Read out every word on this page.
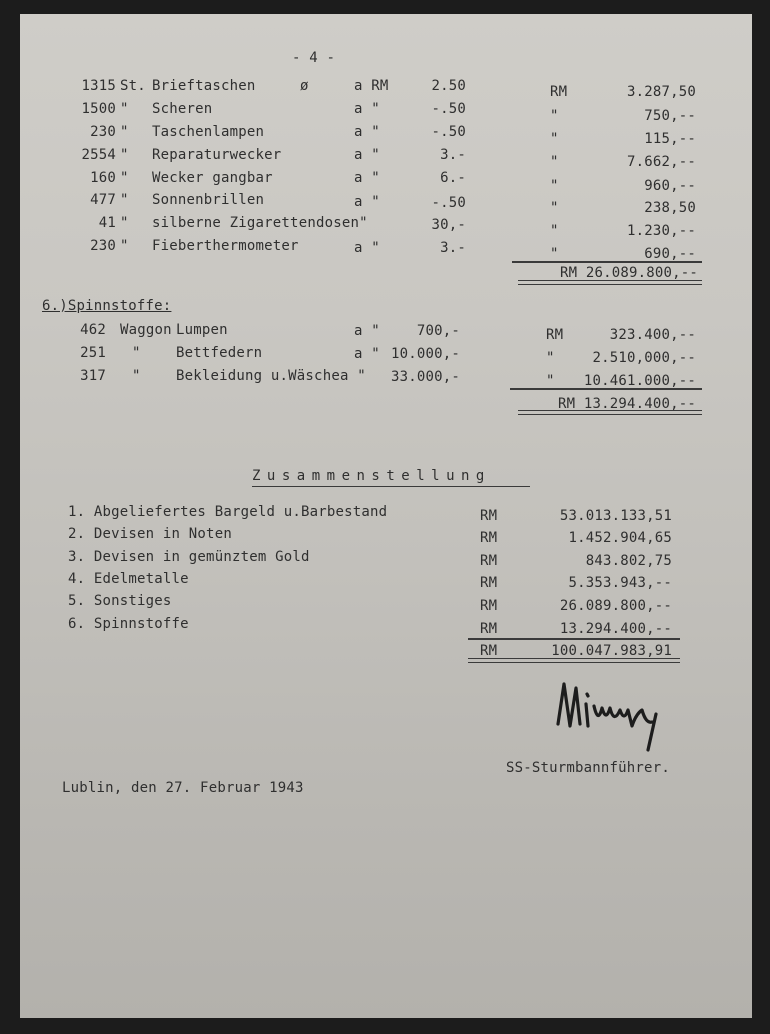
- 4 -
1315 St. Brieftaschen	ø	a RM	2.50	RM	3.287,50
1500 " Scheren	a "	-.50	"	750,--
230 " Taschenlampen	a "	-.50	"	115,--
2554 " Reparaturwecker	a "	3.-	"	7.662,--
160 " Wecker gangbar	a "	6.-	"	960,--
477 " Sonnenbrillen	a "	-.50	"	238,50
41 " silberne Zigarettendosen"	30,-	"	1.230,--
230 " Fieberthermometer	a "	3.-	"	690,--
RM 26.089.800,--
6.)Spinnstoffe:
462 Waggon Lumpen	a "	700,-	RM	323.400,--
251 "	Bettfedern	a " 10.000,-	"	2.510,000,--
317 "	Bekleidung u.Wäschea "	33.000,-	"	10.461.000,--
RM 13.294.400,--
Zusammenstellung
1. Abgeliefertes Bargeld u.Barbestand	RM	53.013.133,51
2. Devisen in Noten	RM	1.452.904,65
3. Devisen in gemünztem Gold	RM	843.802,75
4. Edelmetalle	RM	5.353.943,--
5. Sonstiges	RM	26.089.800,--
6. Spinnstoffe	RM	13.294.400,--
RM	100.047.983,91
SS-Sturmbannführer.
Lublin, den 27. Februar 1943
